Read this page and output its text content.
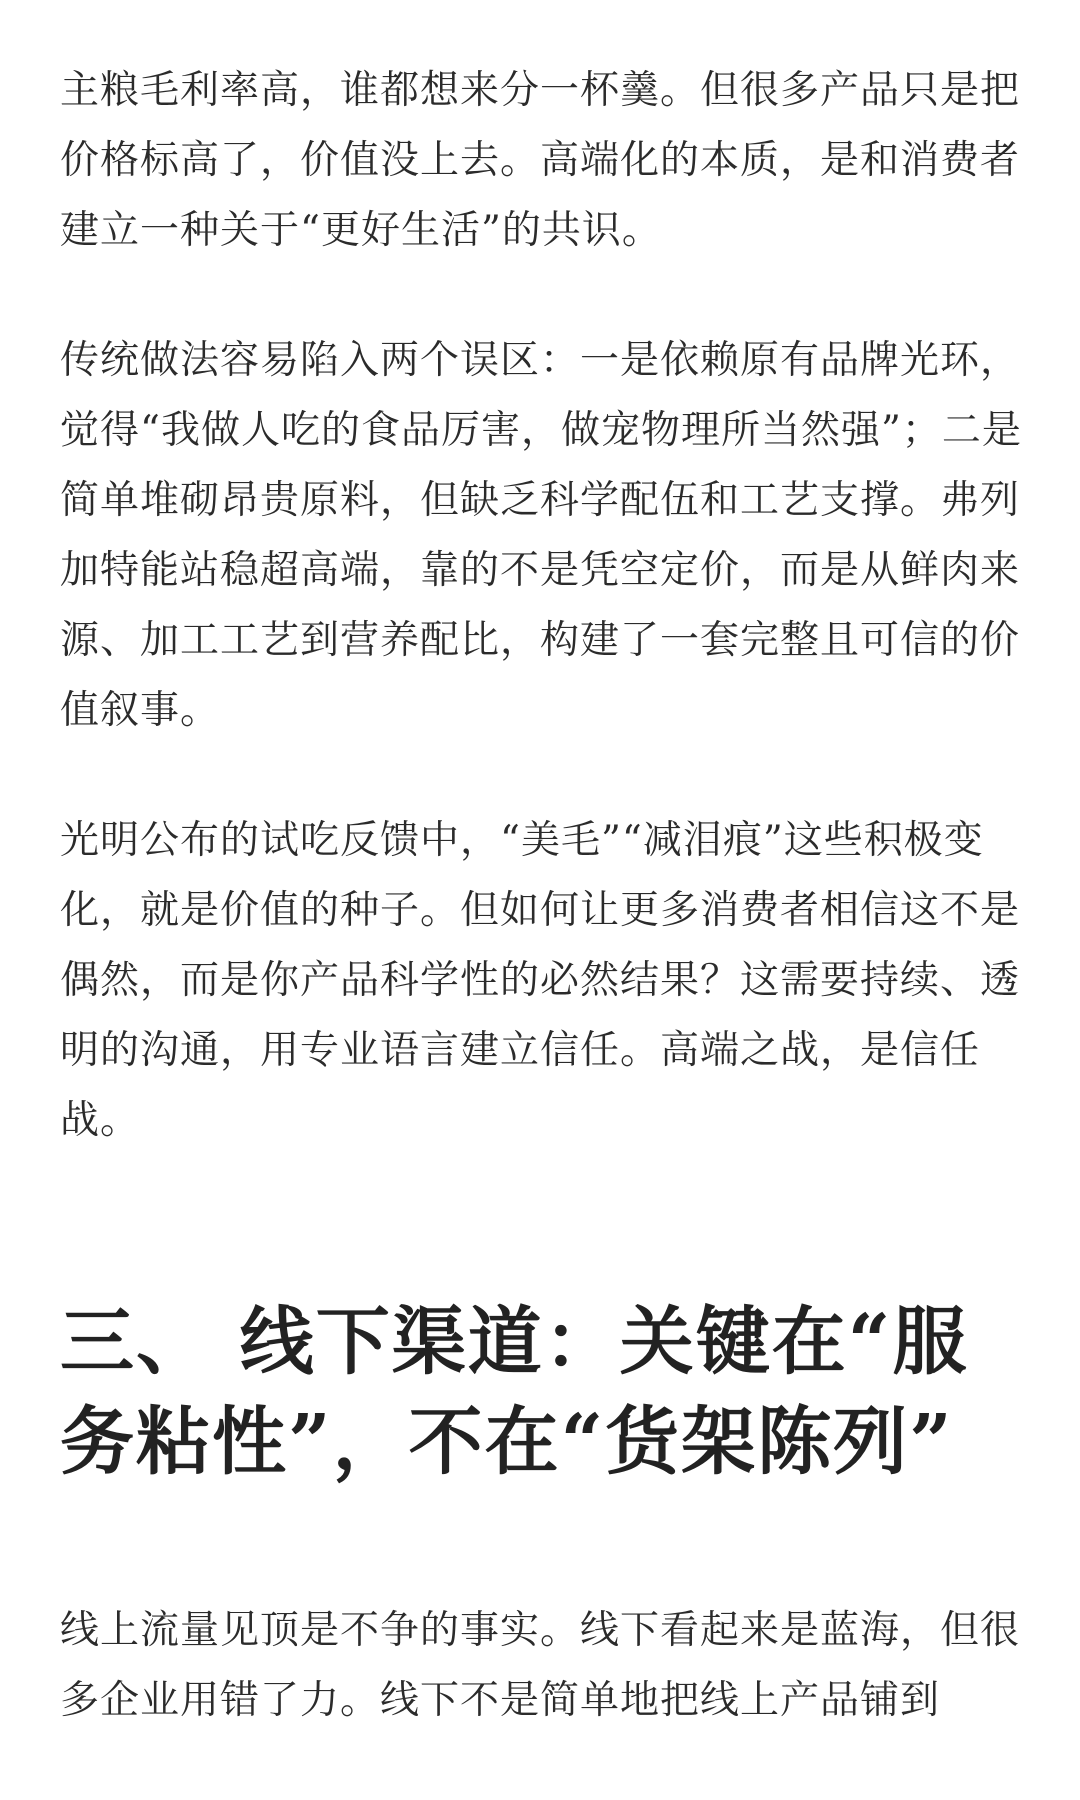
主粮毛利率高，谁都想来分一杯羹。但很多产品只是把价格标高了，价值没上去。高端化的本质，是和消费者建立一种关于“更好生活”的共识。

传统做法容易陷入两个误区：一是依赖原有品牌光环，觉得“我做人吃的食品厉害，做宠物理所当然强”；二是简单堆砌昂贵原料，但缺乏科学配伍和工艺支撑。弗列加特能站稳超高端，靠的不是凭空定价，而是从鲜肉来源、加工工艺到营养配比，构建了一套完整且可信的价值叙事。

光明公布的试吃反馈中，“美毛”“减泪痕”这些积极变化，就是价值的种子。但如何让更多消费者相信这不是偶然，而是你产品科学性的必然结果？这需要持续、透明的沟通，用专业语言建立信任。高端之战，是信任战。

三、 线下渠道：关键在“服务粘性”，不在“货架陈列”

线上流量见顶是不争的事实。线下看起来是蓝海，但很多企业用错了力。线下不是简单地把线上产品铺到
